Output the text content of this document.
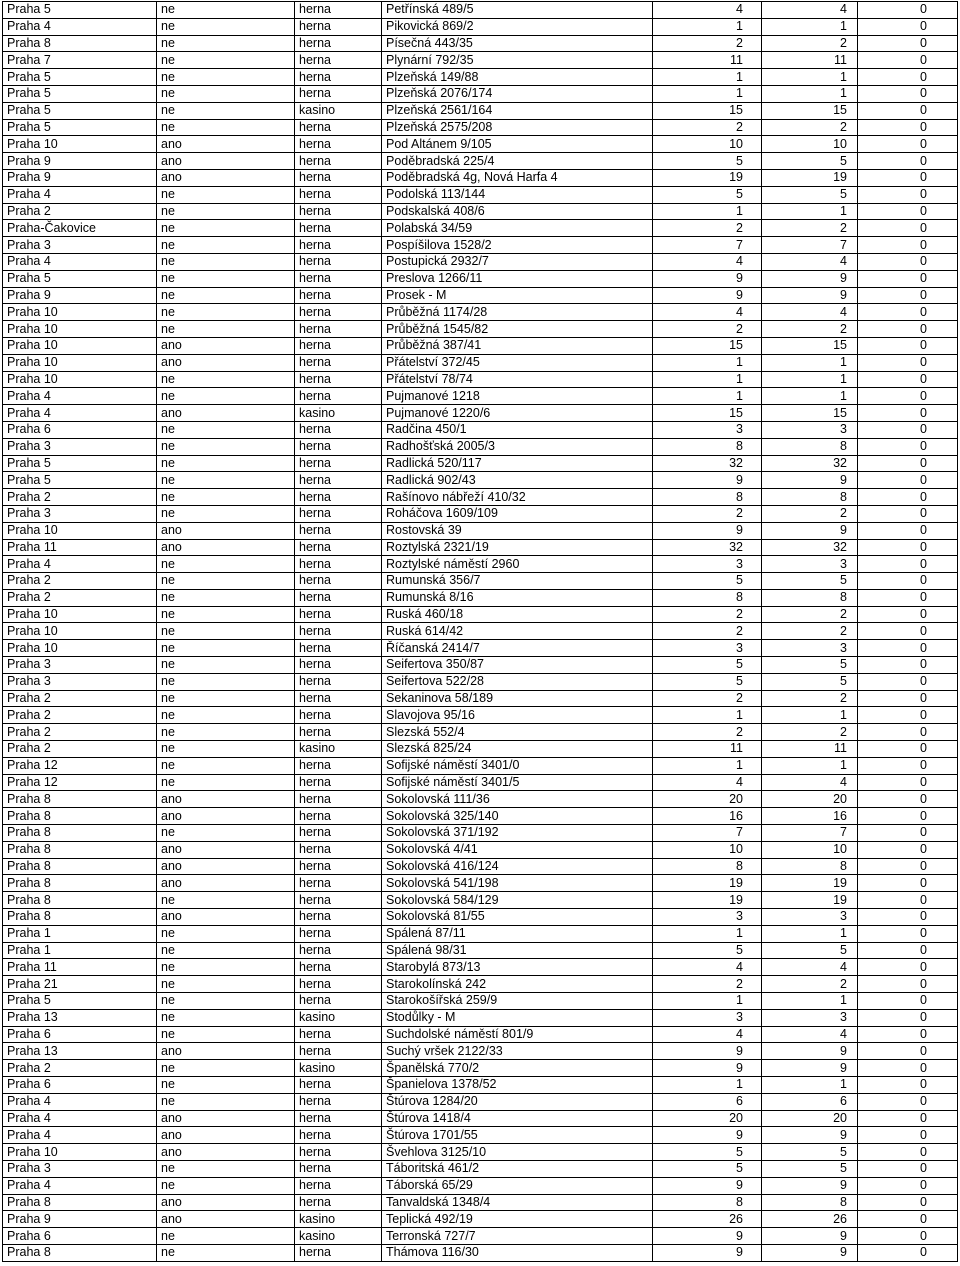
Praha 5	ne	herna	Petřínská 489/5	4	4	0
Praha 4	ne	herna	Pikovická 869/2	1	1	0
Praha 8	ne	herna	Písečná 443/35	2	2	0
Praha 7	ne	herna	Plynární 792/35	11	11	0
Praha 5	ne	herna	Plzeňská 149/88	1	1	0
Praha 5	ne	herna	Plzeňská 2076/174	1	1	0
Praha 5	ne	kasino	Plzeňská 2561/164	15	15	0
Praha 5	ne	herna	Plzeňská 2575/208	2	2	0
Praha 10	ano	herna	Pod Altánem 9/105	10	10	0
Praha 9	ano	herna	Poděbradská 225/4	5	5	0
Praha 9	ano	herna	Poděbradská 4g, Nová Harfa 4	19	19	0
Praha 4	ne	herna	Podolská 113/144	5	5	0
Praha 2	ne	herna	Podskalská 408/6	1	1	0
Praha-Čakovice	ne	herna	Polabská 34/59	2	2	0
Praha 3	ne	herna	Pospíšilova 1528/2	7	7	0
Praha 4	ne	herna	Postupická 2932/7	4	4	0
Praha 5	ne	herna	Preslova 1266/11	9	9	0
Praha 9	ne	herna	Prosek - M	9	9	0
Praha 10	ne	herna	Průběžná 1174/28	4	4	0
Praha 10	ne	herna	Průběžná 1545/82	2	2	0
Praha 10	ano	herna	Průběžná 387/41	15	15	0
Praha 10	ano	herna	Přátelství 372/45	1	1	0
Praha 10	ne	herna	Přátelství 78/74	1	1	0
Praha 4	ne	herna	Pujmanové 1218	1	1	0
Praha 4	ano	kasino	Pujmanové 1220/6	15	15	0
Praha 6	ne	herna	Radčina 450/1	3	3	0
Praha 3	ne	herna	Radhošťská 2005/3	8	8	0
Praha 5	ne	herna	Radlická 520/117	32	32	0
Praha 5	ne	herna	Radlická 902/43	9	9	0
Praha 2	ne	herna	Rašínovo nábřeží 410/32	8	8	0
Praha 3	ne	herna	Roháčova 1609/109	2	2	0
Praha 10	ano	herna	Rostovská 39	9	9	0
Praha 11	ano	herna	Roztylská 2321/19	32	32	0
Praha 4	ne	herna	Roztylské náměstí 2960	3	3	0
Praha 2	ne	herna	Rumunská 356/7	5	5	0
Praha 2	ne	herna	Rumunská 8/16	8	8	0
Praha 10	ne	herna	Ruská 460/18	2	2	0
Praha 10	ne	herna	Ruská 614/42	2	2	0
Praha 10	ne	herna	Říčanská 2414/7	3	3	0
Praha 3	ne	herna	Seifertova 350/87	5	5	0
Praha 3	ne	herna	Seifertova 522/28	5	5	0
Praha 2	ne	herna	Sekaninova 58/189	2	2	0
Praha 2	ne	herna	Slavojova 95/16	1	1	0
Praha 2	ne	herna	Slezská 552/4	2	2	0
Praha 2	ne	kasino	Slezská 825/24	11	11	0
Praha 12	ne	herna	Sofijské náměstí 3401/0	1	1	0
Praha 12	ne	herna	Sofijské náměstí 3401/5	4	4	0
Praha 8	ano	herna	Sokolovská 111/36	20	20	0
Praha 8	ano	herna	Sokolovská 325/140	16	16	0
Praha 8	ne	herna	Sokolovská 371/192	7	7	0
Praha 8	ano	herna	Sokolovská 4/41	10	10	0
Praha 8	ano	herna	Sokolovská 416/124	8	8	0
Praha 8	ano	herna	Sokolovská 541/198	19	19	0
Praha 8	ne	herna	Sokolovská 584/129	19	19	0
Praha 8	ano	herna	Sokolovská 81/55	3	3	0
Praha 1	ne	herna	Spálená 87/11	1	1	0
Praha 1	ne	herna	Spálená 98/31	5	5	0
Praha 11	ne	herna	Starobylá 873/13	4	4	0
Praha 21	ne	herna	Starokolínská 242	2	2	0
Praha 5	ne	herna	Starokošířská 259/9	1	1	0
Praha 13	ne	kasino	Stodůlky - M	3	3	0
Praha 6	ne	herna	Suchdolské náměstí 801/9	4	4	0
Praha 13	ano	herna	Suchý vršek 2122/33	9	9	0
Praha 2	ne	kasino	Španělská 770/2	9	9	0
Praha 6	ne	herna	Španielova 1378/52	1	1	0
Praha 4	ne	herna	Štúrova 1284/20	6	6	0
Praha 4	ano	herna	Štúrova 1418/4	20	20	0
Praha 4	ano	herna	Štúrova 1701/55	9	9	0
Praha 10	ano	herna	Švehlova 3125/10	5	5	0
Praha 3	ne	herna	Táboritská 461/2	5	5	0
Praha 4	ne	herna	Táborská 65/29	9	9	0
Praha 8	ano	herna	Tanvaldská 1348/4	8	8	0
Praha 9	ano	kasino	Teplická 492/19	26	26	0
Praha 6	ne	kasino	Terronská 727/7	9	9	0
Praha 8	ne	herna	Thámova 116/30	9	9	0
